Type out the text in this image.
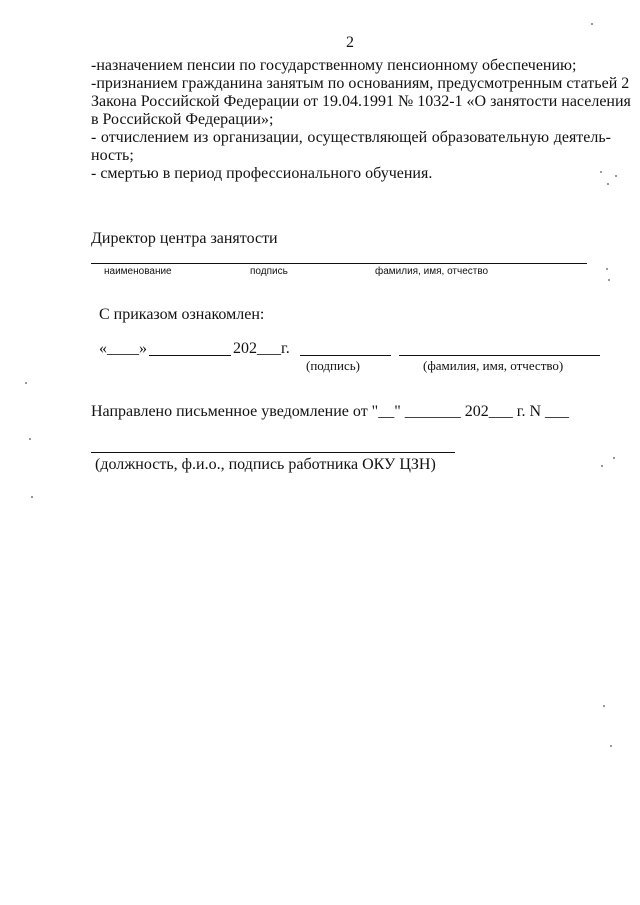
2
-назначением пенсии по государственному пенсионному обеспечению;
-признанием гражданина занятым по основаниям, предусмотренным статьей 2
Закона Российской Федерации от 19.04.1991 № 1032-1 «О занятости населения
в Российской Федерации»;
- отчислением из организации, осуществляющей образовательную деятель-
ность;
- смертью в период профессионального обучения.
Директор центра занятости
наименование	подпись	фамилия, имя, отчество
С приказом ознакомлен:
«____»	202___г.
(подпись)	(фамилия, имя, отчество)
Направлено письменное уведомление от "__" _______ 202___ г. N ___
(должность, ф.и.о., подпись работника ОКУ ЦЗН)
